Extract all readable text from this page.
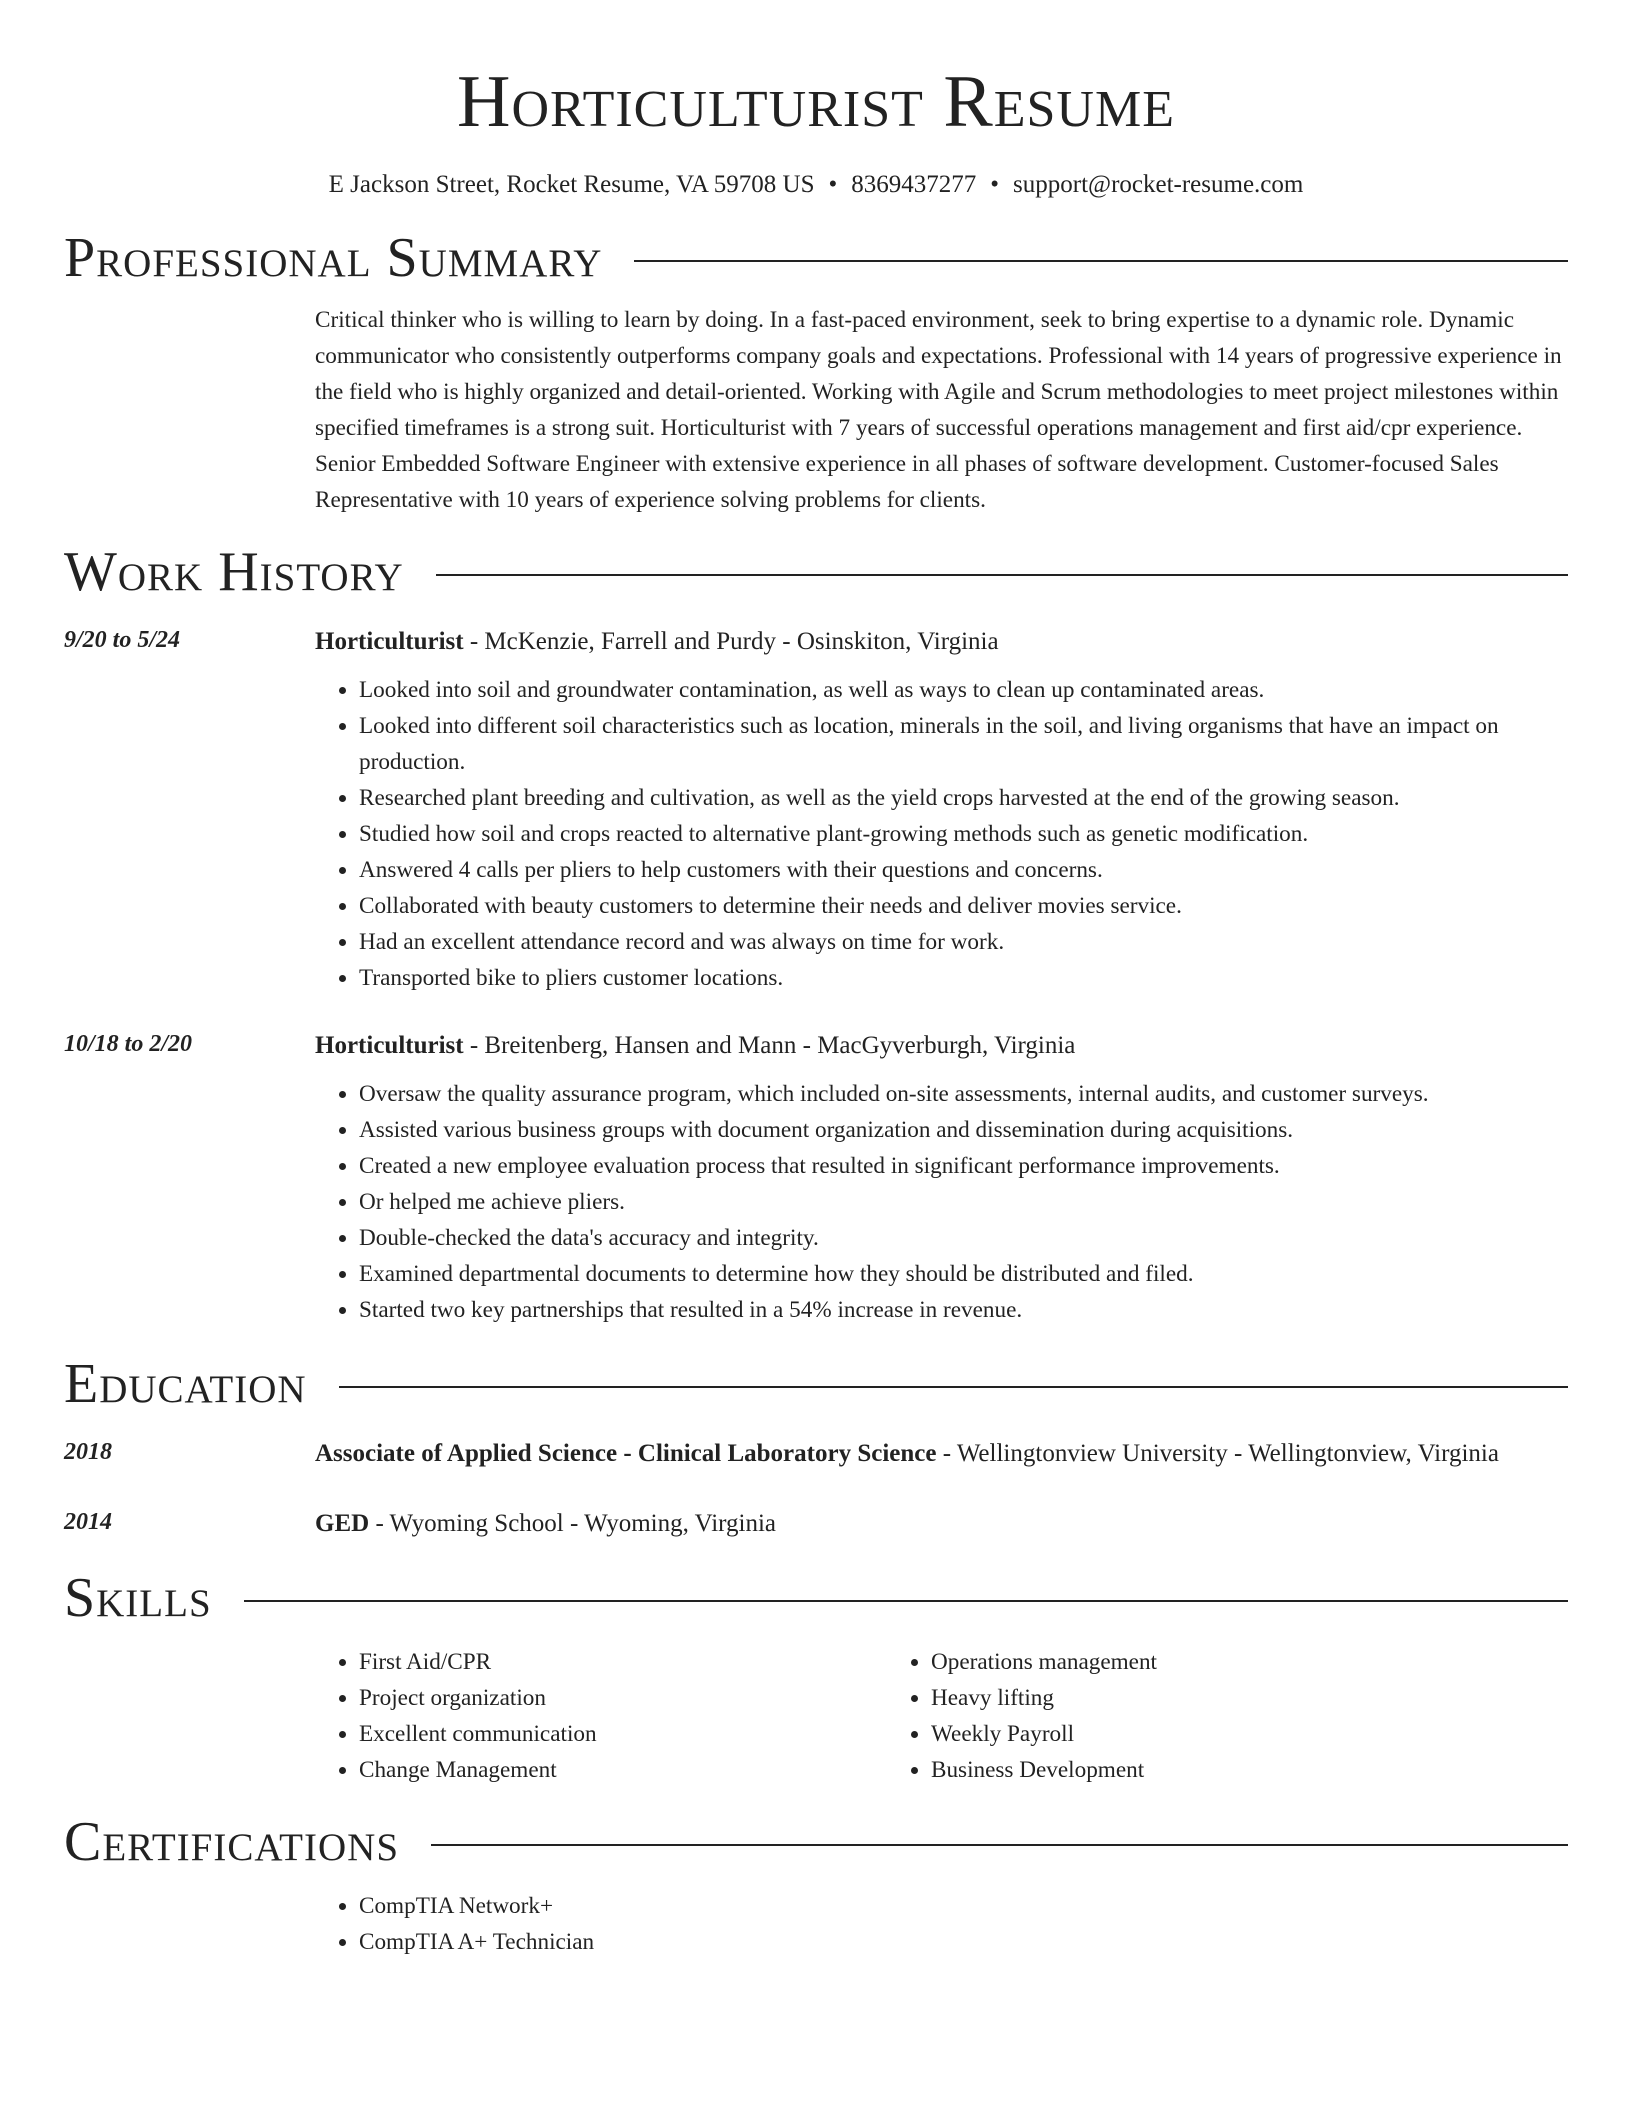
Horticulturist Resume
E Jackson Street, Rocket Resume, VA 59708 US • 8369437277 • support@rocket-resume.com
Professional Summary
Critical thinker who is willing to learn by doing. In a fast-paced environment, seek to bring expertise to a dynamic role. Dynamic communicator who consistently outperforms company goals and expectations. Professional with 14 years of progressive experience in the field who is highly organized and detail-oriented. Working with Agile and Scrum methodologies to meet project milestones within specified timeframes is a strong suit. Horticulturist with 7 years of successful operations management and first aid/cpr experience. Senior Embedded Software Engineer with extensive experience in all phases of software development. Customer-focused Sales Representative with 10 years of experience solving problems for clients.
Work History
9/20 to 5/24	Horticulturist - McKenzie, Farrell and Purdy - Osinskiton, Virginia
• Looked into soil and groundwater contamination, as well as ways to clean up contaminated areas.
• Looked into different soil characteristics such as location, minerals in the soil, and living organisms that have an impact on production.
• Researched plant breeding and cultivation, as well as the yield crops harvested at the end of the growing season.
• Studied how soil and crops reacted to alternative plant-growing methods such as genetic modification.
• Answered 4 calls per pliers to help customers with their questions and concerns.
• Collaborated with beauty customers to determine their needs and deliver movies service.
• Had an excellent attendance record and was always on time for work.
• Transported bike to pliers customer locations.
10/18 to 2/20	Horticulturist - Breitenberg, Hansen and Mann - MacGyverburgh, Virginia
• Oversaw the quality assurance program, which included on-site assessments, internal audits, and customer surveys.
• Assisted various business groups with document organization and dissemination during acquisitions.
• Created a new employee evaluation process that resulted in significant performance improvements.
• Or helped me achieve pliers.
• Double-checked the data's accuracy and integrity.
• Examined departmental documents to determine how they should be distributed and filed.
• Started two key partnerships that resulted in a 54% increase in revenue.
Education
2018	Associate of Applied Science - Clinical Laboratory Science - Wellingtonview University - Wellingtonview, Virginia
2014	GED - Wyoming School - Wyoming, Virginia
Skills
• First Aid/CPR
• Project organization
• Excellent communication
• Change Management
• Operations management
• Heavy lifting
• Weekly Payroll
• Business Development
Certifications
• CompTIA Network+
• CompTIA A+ Technician
